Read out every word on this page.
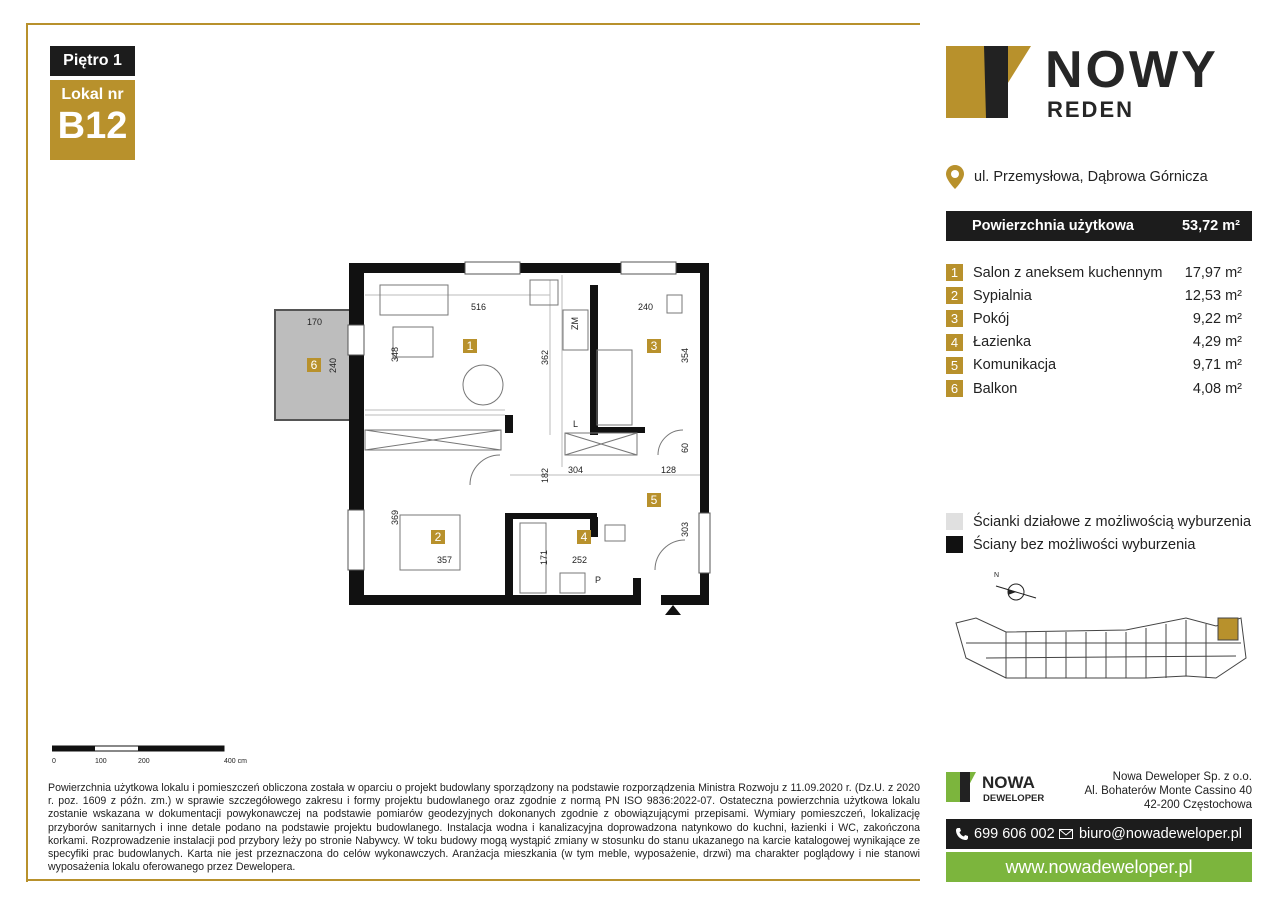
Piętro 1
Lokal nr
B12
1
2
3
4
5
6
516
348	362
240
354
60
182 304	128
369
357	171	252
303
170
240
ZM
L
P
0	100	200	400 cm
Powierzchnia użytkowa lokalu i pomieszczeń obliczona została w oparciu o projekt budowlany sporządzony na podstawie rozporządzenia Ministra Rozwoju z 11.09.2020 r. (Dz.U. z 2020 r. poz. 1609 z późn. zm.) w sprawie szczegółowego zakresu i formy projektu budowlanego oraz zgodnie z normą PN ISO 9836:2022-07. Ostateczna powierzchnia użytkowa lokalu zostanie wskazana w dokumentacji powykonawczej na podstawie pomiarów geodezyjnych dokonanych zgodnie z obowiązującymi przepisami. Wymiary pomieszczeń, lokalizację przyborów sanitarnych i inne detale podano na podstawie projektu budowlanego. Instalacja wodna i kanalizacyjna doprowadzona natynkowo do kuchni, łazienki i WC, zakończona korkami. Rozprowadzenie instalacji pod przybory leży po stronie Nabywcy. W toku budowy mogą wystąpić zmiany w stosunku do stanu ukazanego na karcie katalogowej wynikające ze specyfiki prac budowlanych. Karta nie jest przeznaczona do celów wykonawczych. Aranżacja mieszkania (w tym meble, wyposażenie, drzwi) ma charakter poglądowy i nie stanowi wyposażenia lokalu oferowanego przez Dewelopera.
NOWY
REDEN
ul. Przemysłowa, Dąbrowa Górnicza
Powierzchnia użytkowa	53,72 m²
1	Salon z aneksem kuchennym	17,97 m²
2	Sypialnia	12,53 m²
3	Pokój	9,22 m²
4	Łazienka	4,29 m²
5	Komunikacja	9,71 m²
6	Balkon	4,08 m²
Ścianki działowe z możliwością wyburzenia
Ściany bez możliwości wyburzenia
N
NOWA
DEWELOPER
Nowa Deweloper Sp. z o.o.
Al. Bohaterów Monte Cassino 40
42-200 Częstochowa
699 606 002 biuro@nowadeweloper.pl
www.nowadeweloper.pl
